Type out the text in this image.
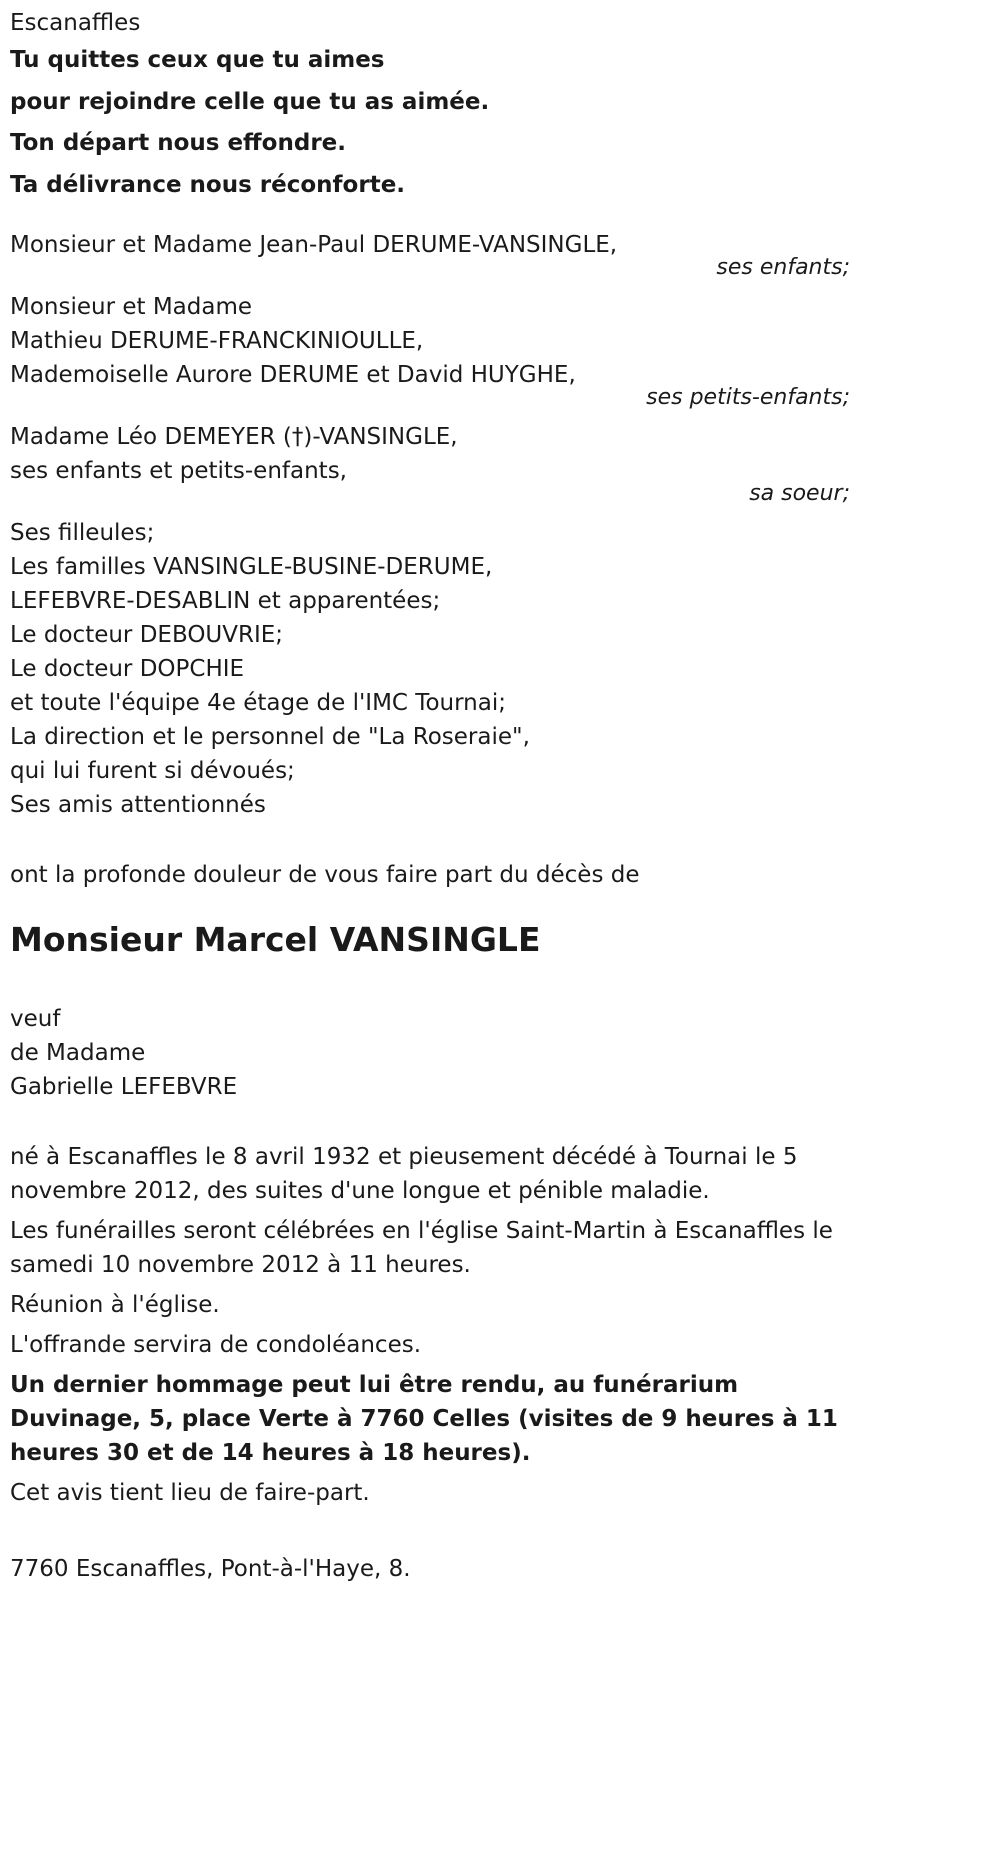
Escanaffles
Tu quittes ceux que tu aimes
pour rejoindre celle que tu as aimée.
Ton départ nous effondre.
Ta délivrance nous réconforte.
Monsieur et Madame Jean-Paul DERUME-VANSINGLE,
ses enfants;
Monsieur et Madame
Mathieu DERUME-FRANCKINIOULLE,
Mademoiselle Aurore DERUME et David HUYGHE,
ses petits-enfants;
Madame Léo DEMEYER (†)-VANSINGLE,
ses enfants et petits-enfants,
sa soeur;
Ses filleules;
Les familles VANSINGLE-BUSINE-DERUME,
LEFEBVRE-DESABLIN et apparentées;
Le docteur DEBOUVRIE;
Le docteur DOPCHIE
et toute l'équipe 4e étage de l'IMC Tournai;
La direction et le personnel de "La Roseraie",
qui lui furent si dévoués;
Ses amis attentionnés
ont la profonde douleur de vous faire part du décès de
Monsieur Marcel VANSINGLE
veuf
de Madame
Gabrielle LEFEBVRE
né à Escanaffles le 8 avril 1932 et pieusement décédé à Tournai le 5 novembre 2012, des suites d'une longue et pénible maladie.
Les funérailles seront célébrées en l'église Saint-Martin à Escanaffles le samedi 10 novembre 2012 à 11 heures.
Réunion à l'église.
L'offrande servira de condoléances.
Un dernier hommage peut lui être rendu, au funérarium Duvinage, 5, place Verte à 7760 Celles (visites de 9 heures à 11 heures 30 et de 14 heures à 18 heures).
Cet avis tient lieu de faire-part.
7760 Escanaffles, Pont-à-l'Haye, 8.
